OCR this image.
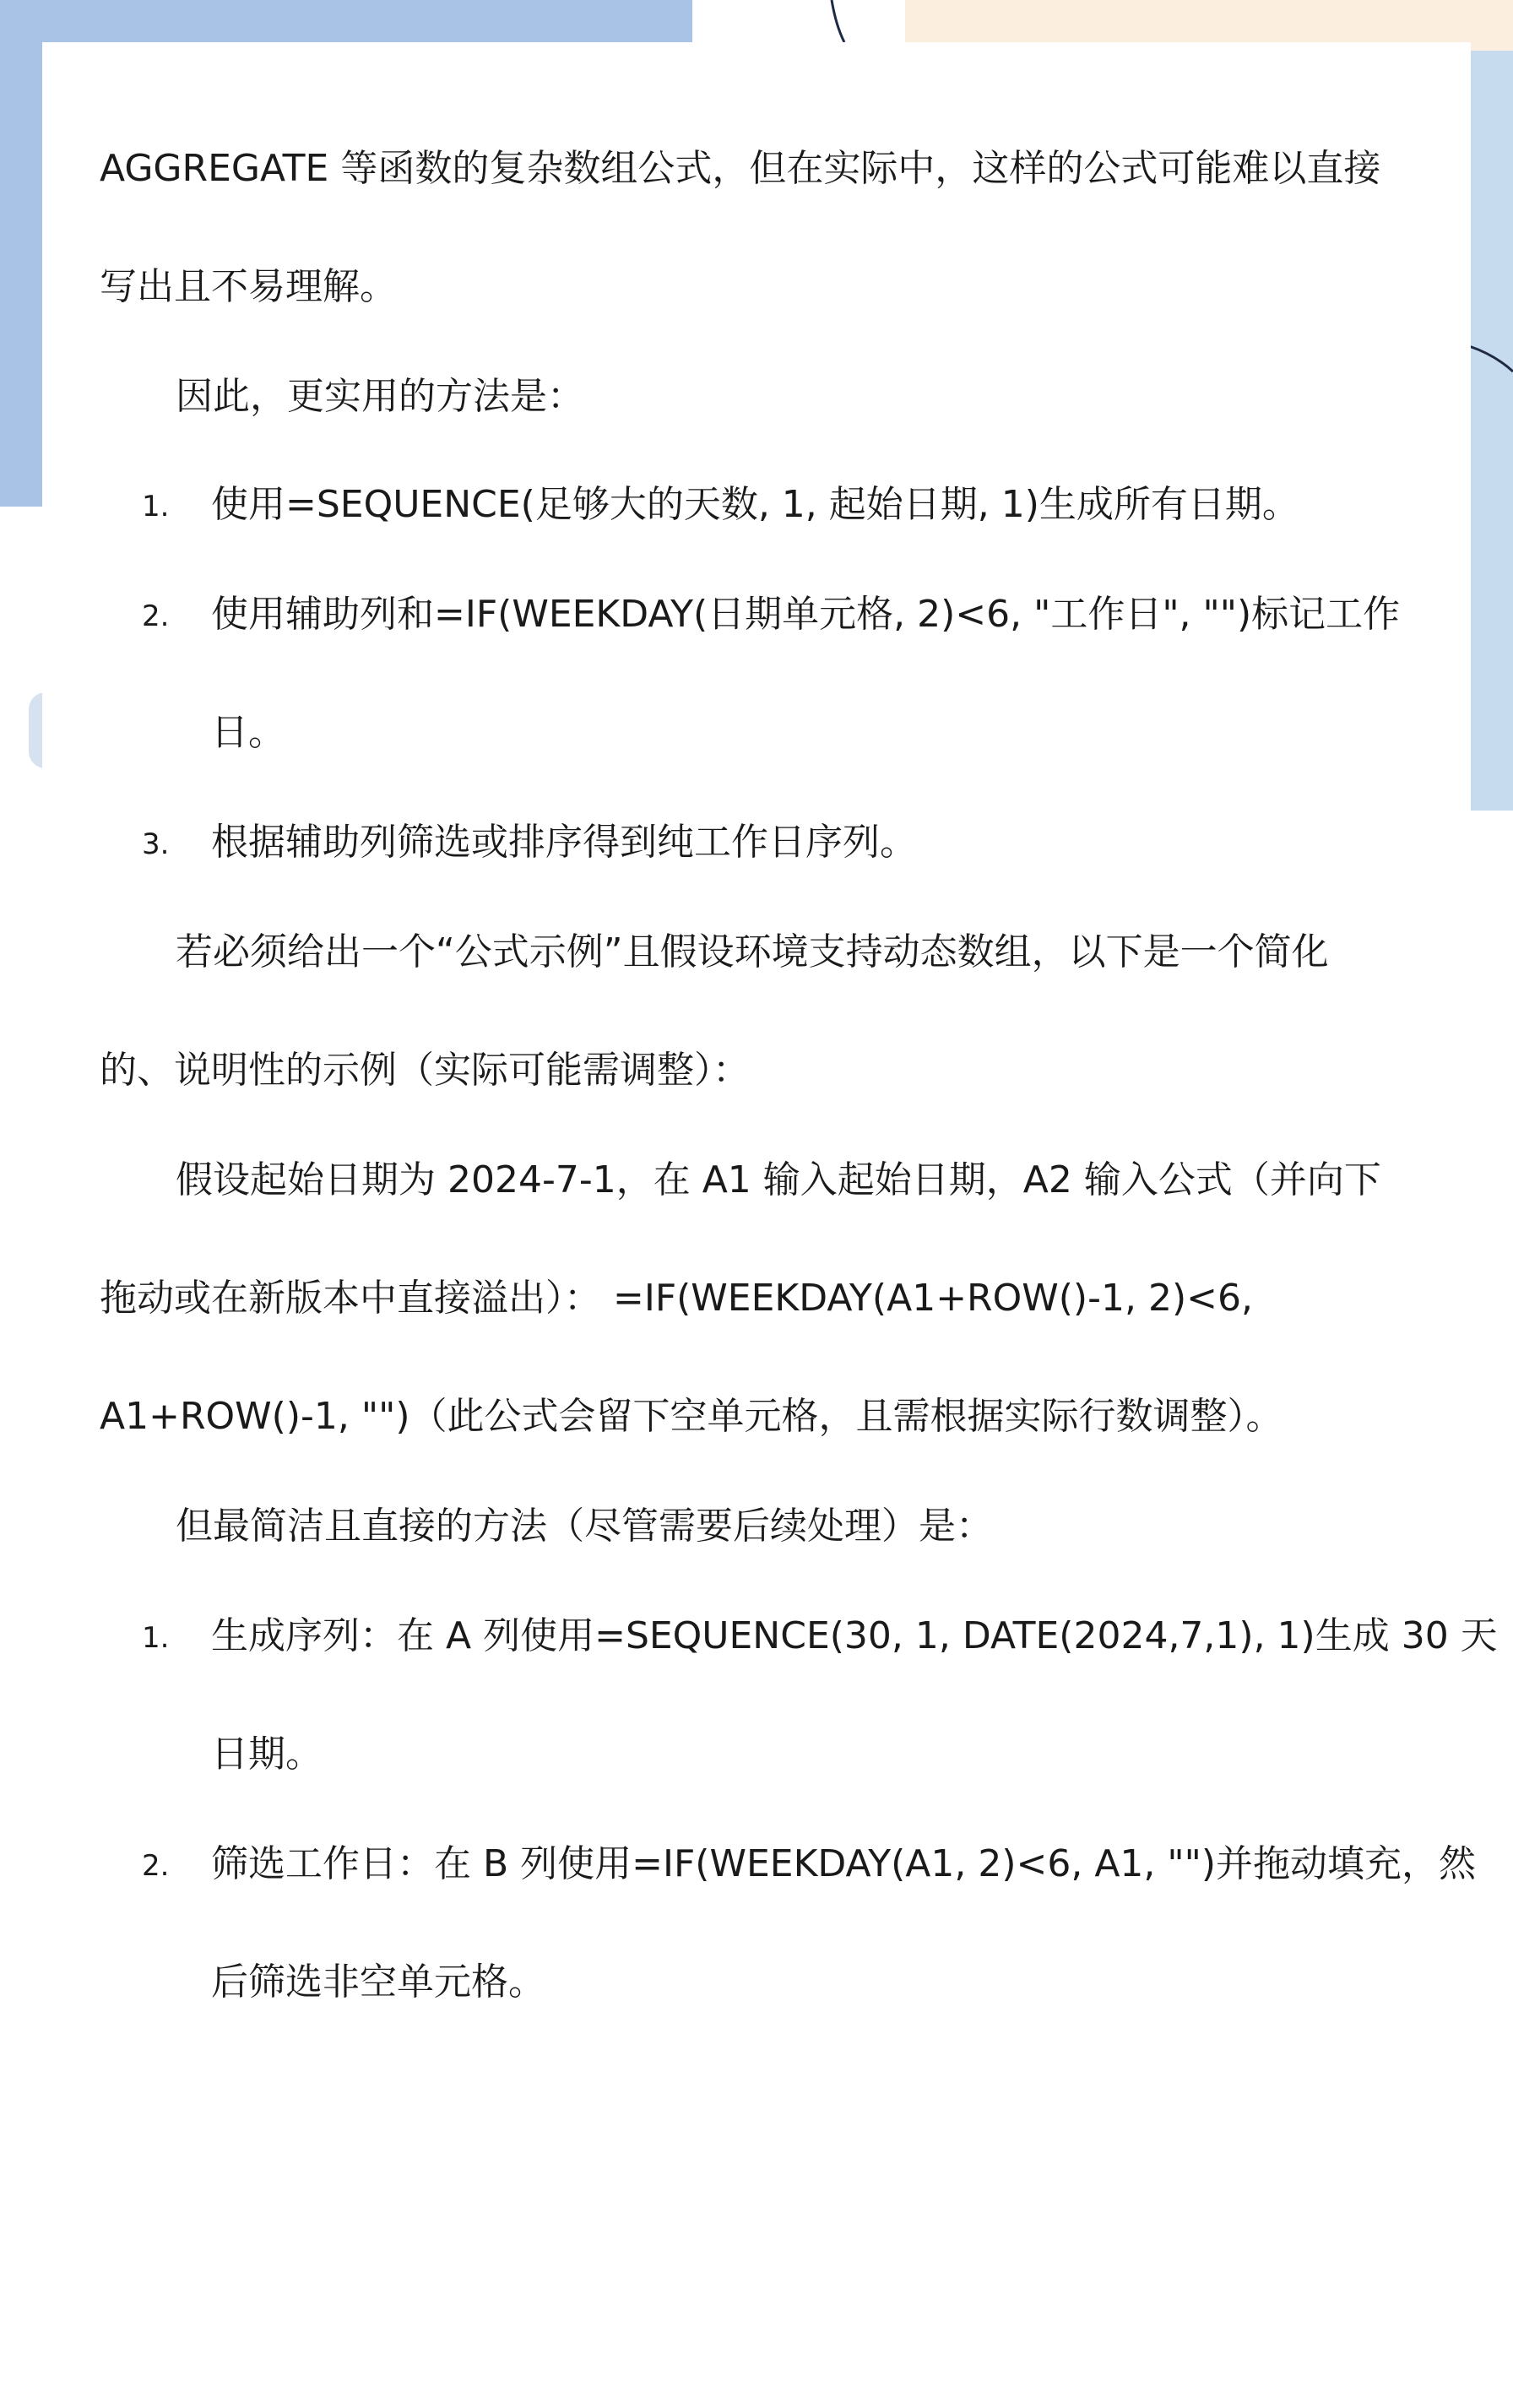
AGGREGATE 等函数的复杂数组公式，但在实际中，这样的公式可能难以直接
写出且不易理解。
因此，更实用的方法是：
1. 使用=SEQUENCE(足够大的天数, 1, 起始日期, 1)生成所有日期。
2. 使用辅助列和=IF(WEEKDAY(日期单元格, 2)<6, "工作日", "")标记工作
日。
3. 根据辅助列筛选或排序得到纯工作日序列。
若必须给出一个“公式示例”且假设环境支持动态数组，以下是一个简化
的、说明性的示例（实际可能需调整）：
假设起始日期为 2024-7-1，在 A1 输入起始日期，A2 输入公式（并向下
拖动或在新版本中直接溢出）： =IF(WEEKDAY(A1+ROW()-1, 2)<6,
A1+ROW()-1, "")（此公式会留下空单元格，且需根据实际行数调整）。
但最简洁且直接的方法（尽管需要后续处理）是：
1. 生成序列：在 A 列使用=SEQUENCE(30, 1, DATE(2024,7,1), 1)生成 30 天
日期。
2. 筛选工作日：在 B 列使用=IF(WEEKDAY(A1, 2)<6, A1, "")并拖动填充，然
后筛选非空单元格。
